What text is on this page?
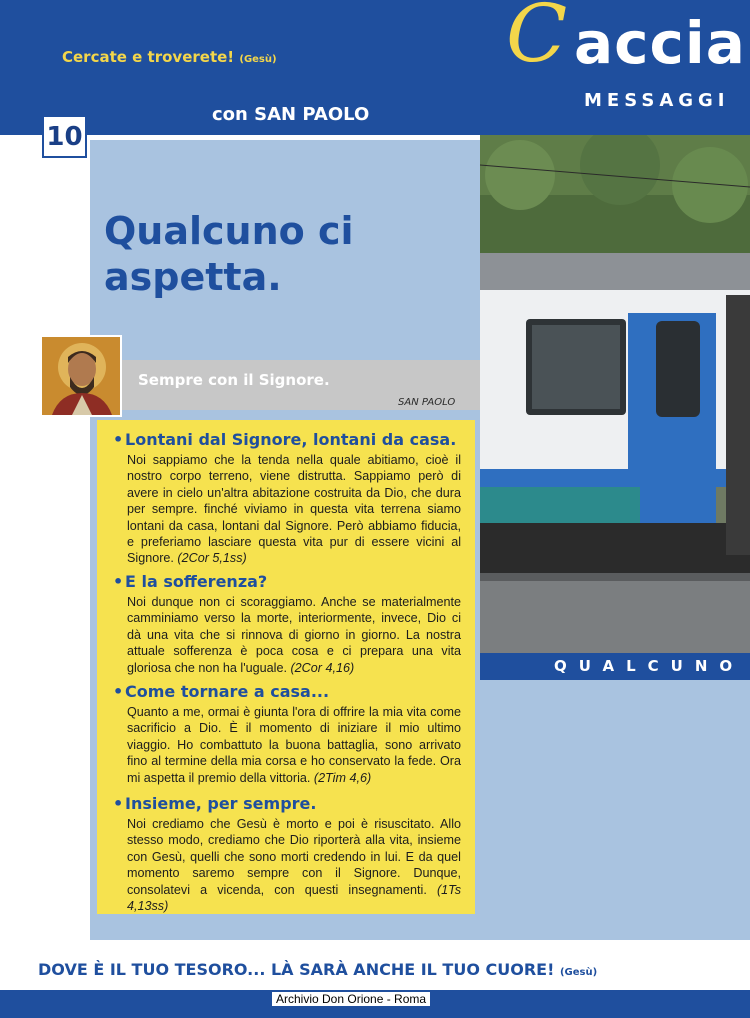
Cercate e troverete! (Gesù)	C accia
MESSAGGI
con SAN PAOLO
10
QUALCUNO
Qualcuno ci aspetta.
Sempre con il Signore.
SAN PAOLO
• Lontani dal Signore, lontani da casa.

Noi sappiamo che la tenda nella quale abitiamo, cioè il nostro corpo terreno, viene distrutta. Sappiamo però di avere in cielo un'altra abitazione costruita da Dio, che dura per sempre. finché viviamo in questa vita terrena siamo lontani da casa, lontani dal Signore. Però abbiamo fiducia, e preferiamo lasciare questa vita pur di essere vicini al Signore. (2Cor 5,1ss)

• E la sofferenza?

Noi dunque non ci scoraggiamo. Anche se materialmente camminiamo verso la morte, interiormente, invece, Dio ci dà una vita che si rinnova di giorno in giorno. La nostra attuale sofferenza è poca cosa e ci prepara una vita gloriosa che non ha l'uguale. (2Cor 4,16)

• Come tornare a casa...

Quanto a me, ormai è giunta l'ora di offrire la mia vita come sacrificio a Dio. È il momento di iniziare il mio ultimo viaggio. Ho combattuto la buona battaglia, sono arrivato fino al termine della mia corsa e ho conservato la fede. Ora mi aspetta il premio della vittoria. (2Tim 4,6)

• Insieme, per sempre.

Noi crediamo che Gesù è morto e poi è risuscitato. Allo stesso modo, crediamo che Dio riporterà alla vita, insieme con Gesù, quelli che sono morti credendo in lui. E da quel momento saremo sempre con il Signore. Dunque, consolatevi a vicenda, con questi insegnamenti. (1Ts 4,13ss)

DOVE È IL TUO TESORO... LÀ SARÀ ANCHE IL TUO CUORE! (Gesù)
Archivio Don Orione - Roma
